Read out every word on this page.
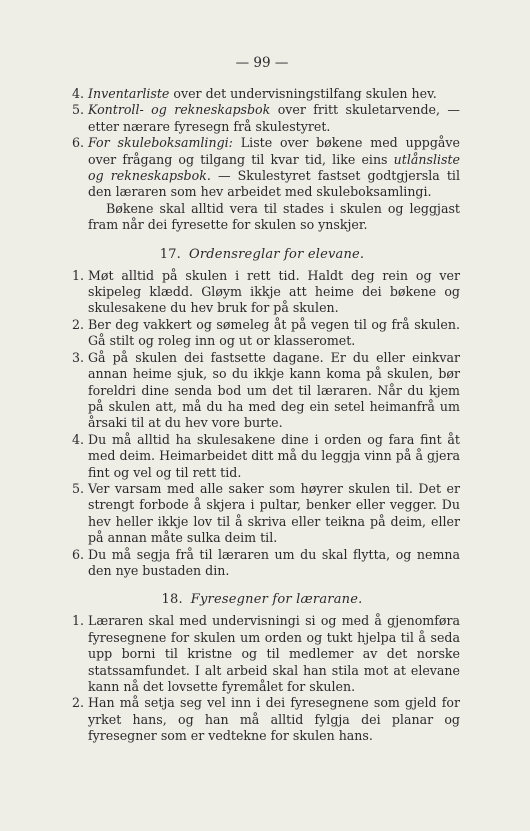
— 99 —

4 . Inventarliste over det undervisningstilfang skulen hev.

5 . Kontroll- og rekneskapsbok over fritt skuletarvende, — etter nærare fyresegn frå skulestyret.

6 . For skuleboksamlingi: Liste over bøkene med uppgåve over frågang og tilgang til kvar tid, like eins utlånsliste og rekneskapsbok. — Skulestyret fastset godtgjersla til den læraren som hev arbeidet med skuleboksamlingi.

Bøkene skal alltid vera til stades i skulen og leggjast fram når dei fyresette for skulen so ynskjer.

17. Ordensreglar for elevane.

1 . Møt alltid på skulen i rett tid. Haldt deg rein og ver skipeleg klædd. Gløym ikkje att heime dei bøkene og skulesakene du hev bruk for på skulen.

2 . Ber deg vakkert og sømeleg åt på vegen til og frå skulen. Gå stilt og roleg inn og ut or klasseromet.

3 . Gå på skulen dei fastsette dagane. Er du eller einkvar annan heime sjuk, so du ikkje kann koma på skulen, bør foreldri dine senda bod um det til læraren. Når du kjem på skulen att, må du ha med deg ein setel heimanfrå um årsaki til at du hev vore burte.

4 . Du må alltid ha skulesakene dine i orden og fara fint åt med deim. Heimarbeidet ditt må du leggja vinn på å gjera fint og vel og til rett tid.

5 . Ver varsam med alle saker som høyrer skulen til. Det er strengt forbode å skjera i pultar, benker eller vegger. Du hev heller ikkje lov til å skriva eller teikna på deim, eller på annan måte sulka deim til.

6 . Du må segja frå til læraren um du skal flytta, og nemna den nye bustaden din.

18. Fyresegner for lærarane.

1 . Læraren skal med undervisningi si og med å gjenomføra fyresegnene for skulen um orden og tukt hjelpa til å seda upp borni til kristne og til medlemer av det norske statssamfundet. I alt arbeid skal han stila mot at elevane kann nå det lovsette fyremålet for skulen.

2 . Han må setja seg vel inn i dei fyresegnene som gjeld for yrket hans, og han må alltid fylgja dei planar og fyresegner som er vedtekne for skulen hans.
